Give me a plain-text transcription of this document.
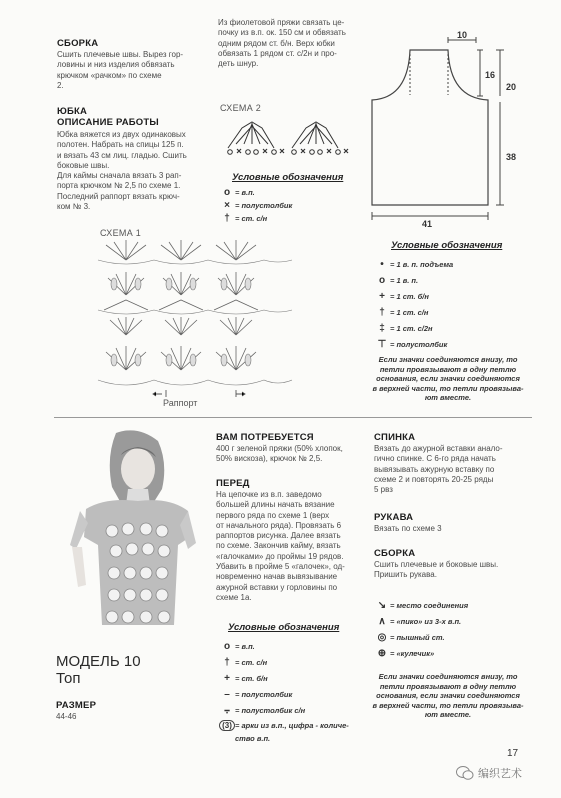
СБОРКА
Сшить плечевые швы. Вырез гор-
ловины и низ изделия обвязать
крючком «рачком» по схеме
2.
ЮБКА
ОПИСАНИЕ РАБОТЫ
Юбка вяжется из двух одинаковых
полотен. Набрать на спицы 125 п.
и вязать 43 см лиц. гладью. Сшить
боковые швы.
Для каймы сначала вязать 3 рап-
порта крючком № 2,5 по схеме 1.
Последний раппорт вязать крюч-
ком № 3.
Из фиолетовой пряжи связать це-
почку из в.п. ок. 150 см и обвязать
одним рядом ст. б/н. Верх юбки
обвязать 1 рядом ст. с/2н и про-
деть шнур.
СХЕМА 2
Условные обозначения
o = в.п.
× = полустолбик
† = ст. с/н
10
16
20
38
41
СХЕМА 1
Раппорт
Условные обозначения
• = 1 в. п. подъема
o = 1 в. п.
+ = 1 ст. б/н
† = 1 ст. с/н
‡ = 1 ст. с/2н
⊤ = полустолбик
Если значки соединяются внизу, то
петли провязывают в одну петлю
основания, если значки соединяются
в верхней части, то петли провязыва-
ют вместе.
МОДЕЛЬ 10
Топ
РАЗМЕР
44-46
ВАМ ПОТРЕБУЕТСЯ
400 г зеленой пряжи (50% хлопок,
50% вискоза), крючок № 2,5.
ПЕРЕД
На цепочке из в.п. заведомо
большей длины начать вязание
первого ряда по схеме 1 (верх
от начального ряда). Провязать 6
раппортов рисунка. Далее вязать
по схеме. Закончив кайму, вязать
«галочками» до проймы 19 рядов.
Убавить в пройме 5 «галочек», од-
новременно начав вывязывание
ажурной вставки у горловины по
схеме 1а.
Условные обозначения
o = в.п.
† = ст. с/н
+ = ст. б/н
– = полустолбик
⨪ = полустолбик с/н
(3) = арки из в.п., цифра - количе-
ство в.п.
СПИНКА
Вязать до ажурной вставки анало-
гично спинке. С 6-го ряда начать
вывязывать ажурную вставку по
схеме 2 и повторять 20-25 ряды
5 рвз
РУКАВА
Вязать по схеме 3
СБОРКА
Сшить плечевые и боковые швы.
Пришить рукава.
↘ = место соединения
∧ = «пико» из 3-х в.п.
◎ = пышный ст.
⊕ = «кулечик»
Если значки соединяются внизу, то
петли провязывают в одну петлю
основания, если значки соединяются
в верхней части, то петли провязыва-
ют вместе.
17
编织艺术
